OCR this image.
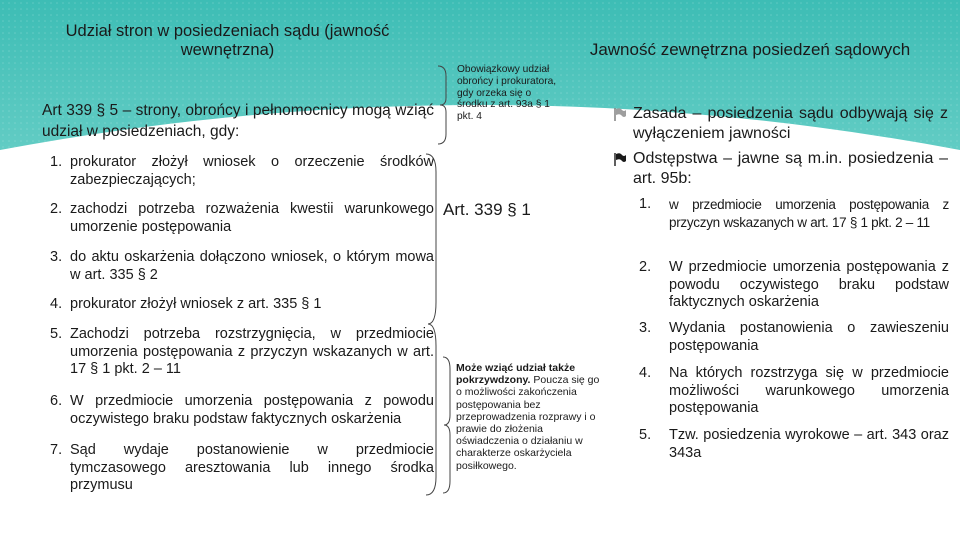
Udział stron w posiedzeniach sądu (jawność wewnętrzna)	Jawność zewnętrzna posiedzeń sądowych
Art 339 § 5 – strony, obrońcy i pełnomocnicy mogą wziąć udział w posiedzeniach, gdy:
1. prokurator złożył wniosek o orzeczenie środków zabezpieczających;
2. zachodzi potrzeba rozważenia kwestii warunkowego umorzenie postępowania
3. do aktu oskarżenia dołączono wniosek, o którym mowa w art. 335 § 2
4. prokurator złożył wniosek z art. 335 § 1
5. Zachodzi potrzeba rozstrzygnięcia, w przedmiocie umorzenia postępowania z przyczyn wskazanych w art. 17 § 1 pkt. 2 – 11
6. W przedmiocie umorzenia postępowania z powodu oczywistego braku podstaw faktycznych oskarżenia
7. Sąd wydaje postanowienie w przedmiocie tymczasowego aresztowania lub innego środka przymusu
Obowiązkowy udział obrońcy i prokuratora, gdy orzeka się o środku z art. 93a § 1 pkt. 4
Art. 339 § 1
Może wziąć udział także pokrzywdzony. Poucza się go o możliwości zakończenia postępowania bez przeprowadzenia rozprawy i o prawie do złożenia oświadczenia o działaniu w charakterze oskarżyciela posiłkowego.
Zasada – posiedzenia sądu odbywają się z wyłączeniem jawności
Odstępstwa – jawne są m.in. posiedzenia – art. 95b:
1. w przedmiocie umorzenia postępowania z przyczyn wskazanych w art. 17 § 1 pkt. 2 – 11
2. W przedmiocie umorzenia postępowania z powodu oczywistego braku podstaw faktycznych oskarżenia
3. Wydania postanowienia o zawieszeniu postępowania
4. Na których rozstrzyga się w przedmiocie możliwości warunkowego umorzenia postępowania
5. Tzw. posiedzenia wyrokowe – art. 343 oraz 343a
